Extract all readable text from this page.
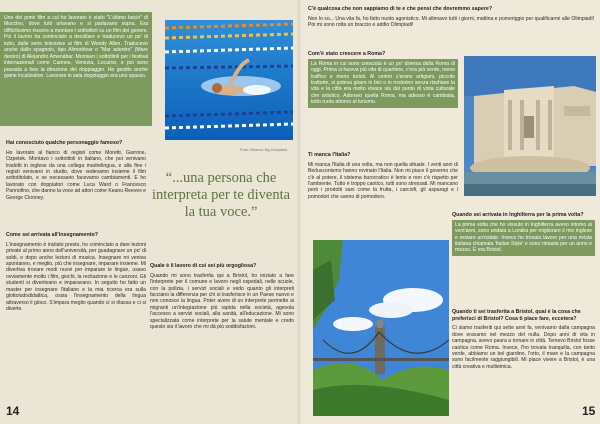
Uno dei primi film a cui ho lavorato è stato "L'ultimo bacio" di Muccino, dove tutti urlavano e si parlavano sopra. Era difficilissimo riuscire a montare i sottotitoli su un film del genere. Poi il lavoro ha cominciato a decollare e traducevo un po' di tutto, dalle serie televisive ai film di Woody Allen. Traducevo anche dallo spagnolo, tipo Almodóvar o "Mar adentro" (Mare dentro) di Alejandro Amenábar. Montavo i sottotitoli per i festival internazionali come Cannes, Venezia, Locarno, e poi sono passata a fare la direzione del doppiaggio. Ho gestito anche game localization. Lavorare in sala doppiaggio era uno spasso.
Foto: Marcus Ng Unsplash
Hai conosciuto qualche personaggio famoso?
Ho lavorato al fianco di registi come Moretti, Garrone, Ozpetek. Montavo i sottotitoli in italiano, che poi venivano tradotti in inglese da una collega madrelingua, e alla fine i registi venivano in studio, dove vedevamo insieme il film sottotitolato, e se necessario facevamo cambiamenti. E ho lavorato con doppiatori come Luca Ward o Francesco Pannofino, che danno la voce ad attori come Keanu Reeves e George Clooney.
Come sei arrivata all'insegnamento?
L'insegnamento è iniziato presto, ho cominciato a dare lezioni private al primo anno dell'università, per guadagnare un po' di soldi, e dopo anche lezioni di musica. Insegnare mi veniva spontaneo, e meglio, più che insegnare, imparare insieme. Mi divertiva trovare modi nuovi per imparare le lingue, usavo ovviamente molto i film, giochi, la recitazione e le canzoni. Gli studenti si divertivano e imparavano. In seguito ho fatto un master per insegnare l'italiano e la mia ricerca era sulla glottoludodidattica, ossia l'insegnamento della lingua attraverso il gioco. S'impara meglio quando ci si rilassa e ci si diverte.
“...una persona che interpreta per te diventa la tua voce.”
Quale è il lavoro di cui sei più orgogliosa?
Quando mi sono trasferita qui a Bristol, ho iniziato a fare l'interprete per il comune e lavoro negli ospedali, nelle scuole, con la polizia, i servizi sociali e vedo quanto gli interpreti facciano la differenza per chi si trasferisce in un Paese nuovo e non conosce la lingua. Poter avere di un interprete permette ai migranti un'integrazione più rapida nella società, agevola l'accesso a servizi sociali, alla sanità, all'educazione. Mi sono specializzata come interprete per la salute mentale e credo questo sia il lavoro che mi dà più soddisfazioni.
14
C'è qualcosa che non sappiamo di te e che pensi che dovremmo sapere?
Non lo so... Una vita fa, ho fatto nuoto agonistico. Mi allenavo tutti i giorni, mattina e pomeriggio per qualificarmi alle Olimpiadi! Poi mi sono rotta un braccio e addio Olimpiadi!
Com'è stato crescere a Roma?
La Roma in cui sono cresciuta è un po' diversa dalla Roma di oggi. Prima si faceva più vita di quartiere, c'era più verde, meno traffico e meno turisti. Al centro c'erano artigiani, piccole trattorie, si poteva girare in bici o in motorino senza rischiare la vita e la città era molto vivace sia dal punto di vista culturale che artistico. Adoravo quella Roma, ma adesso è cambiata, tutto ruota attorno al turismo.
Ti manca l'Italia?
Mi manca l'Italia di una volta, ma non quella attuale. I venti anni di Berlusconismo hanno rovinato l'Italia. Non mi piace il governo che c'è al potere, il sistema burocratico è lento e non c'è rispetto per l'ambiente. Tutto è troppo caotico, tutti sono stressati. Mi mancano però i prodotti sani come la frutta, i carciofi, gli asparagi e i pomodori che sanno di pomodoro.
Quando sei arrivata in Inghilterra per la prima volta?
La prima volta che ho vissuto in Inghilterra avevo intorno ai vent'anni, sono andata a Londra per migliorare il mio inglese e restare un'estate. Invece ho trovato lavoro per una rivista italiana chiamata 'Italian Style' e sono rimasta per un anno e mezzo. E ora Bristol.
Quando ti sei trasferita a Bristol, qual è la cosa che preferisci di Bristol? Cosa ti piace fare, eccetera?
Ci siamo trasferiti qui sette anni fa, venivamo dalla campagna dove eravamo nel mezzo del nulla. Dopo anni di vita in campagna, avevo paura a tornare in città. Temevo Bristol fosse caotica come Roma. Invece, l'ho trovata tranquilla, con tanto verde, abbiamo un bel giardino, l'orto, il mare e la campagna sono facilmente raggiungibili. Mi piace vivere a Bristol, è una città creativa e multietnica.
15
